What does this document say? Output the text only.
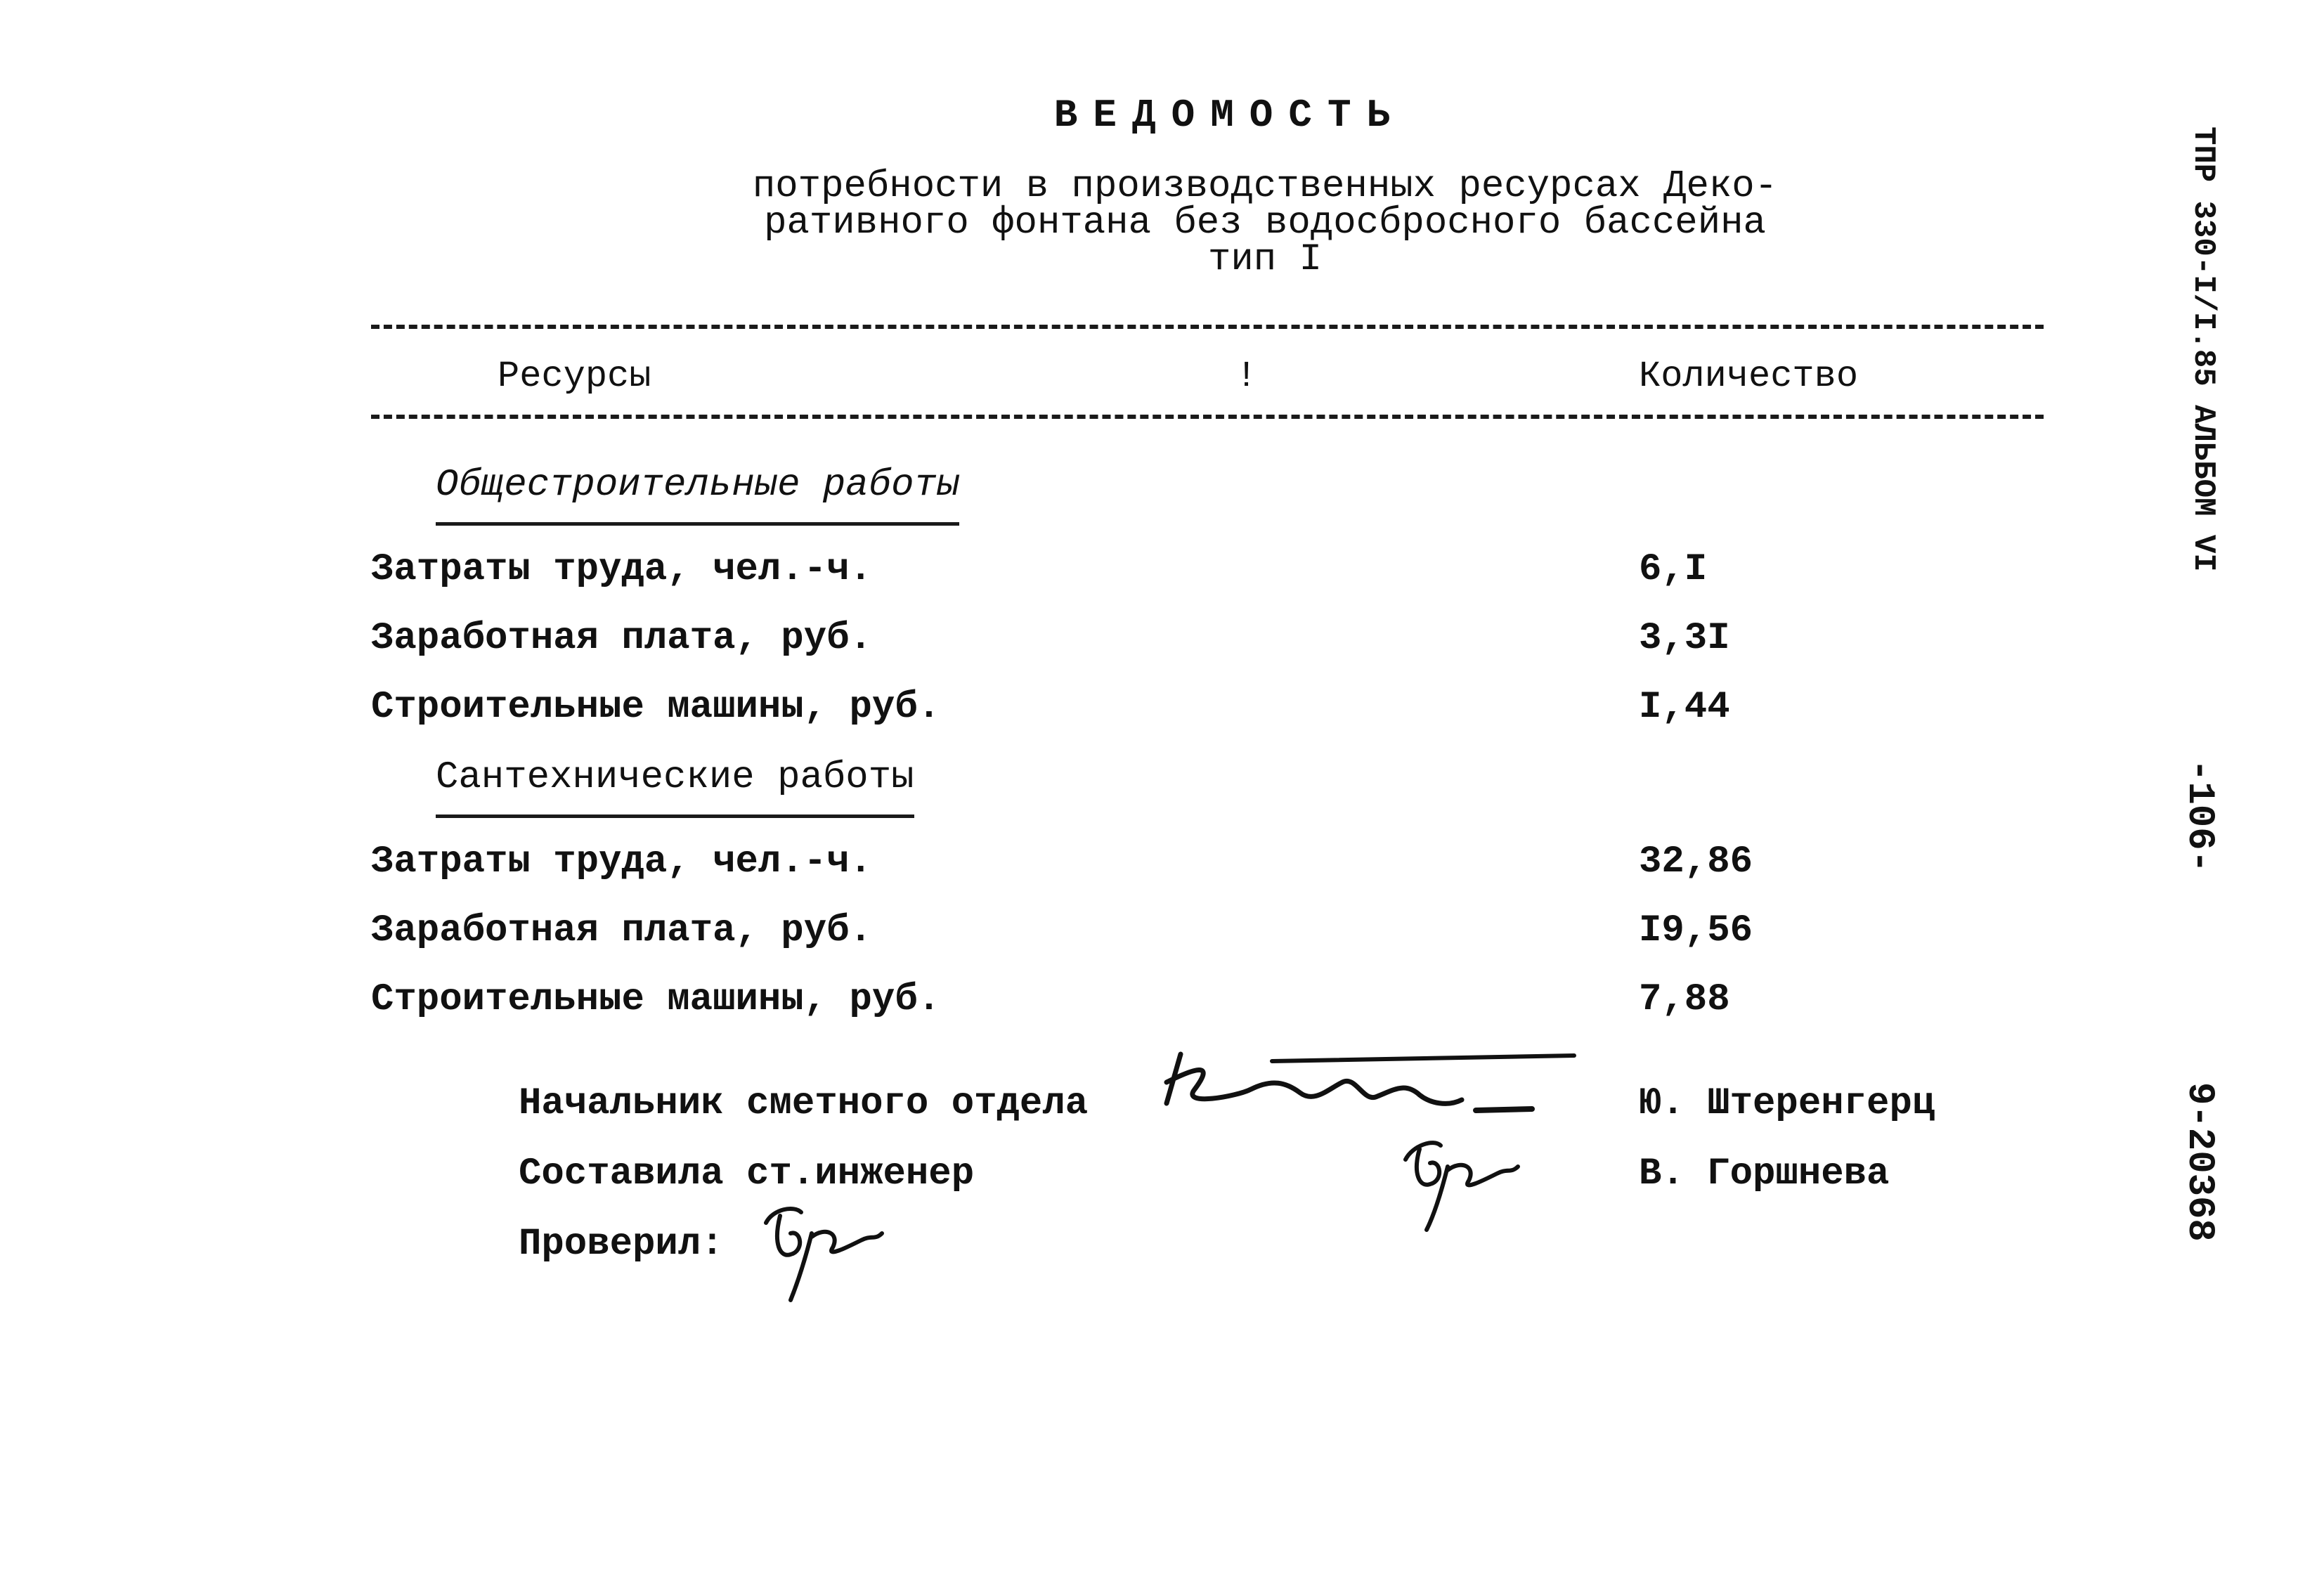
ВЕДОМОСТЬ
потребности в производственных ресурсах Деко-
ративного фонтана без водосбросного бассейна
тип I
Ресурсы	!	Количество
Общестроительные работы
Затраты труда, чел.-ч.	6,I
Заработная плата, руб.	3,3I
Строительные машины, руб.	I,44
Сантехнические работы
Затраты труда, чел.-ч.	32,86
Заработная плата, руб.	I9,56
Строительные машины, руб.	7,88
Начальник сметного отдела	Ю. Штеренгерц
Составила ст.инженер	В. Горшнева
Проверил:
ТПР 330-I/I.85 AЛЬБОМ VI
-106-
9-20368
